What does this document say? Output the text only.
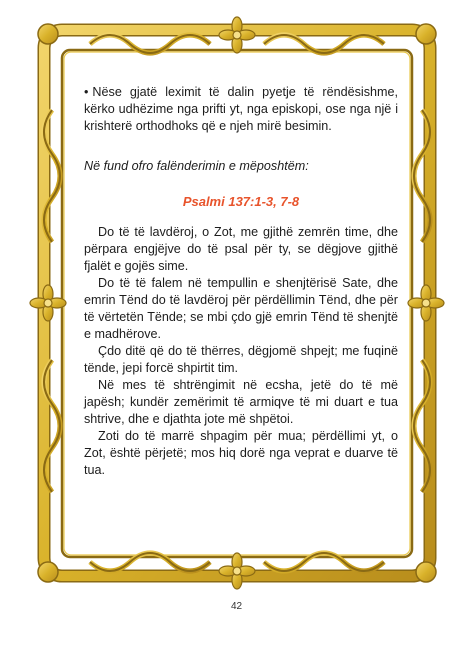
• Nëse gjatë leximit të dalin pyetje të rëndësishme, kërko udhëzime nga prifti yt, nga episkopi, ose nga një i krishterë orthodhoks që e njeh mirë besimin.

Në fund ofro falënderimin e mëposhtëm:
Psalmi 137:1-3, 7-8

Do të të lavdëroj, o Zot, me gjithë zemrën time, dhe përpara engjëjve do të psal për ty, se dëgjove gjithë fjalët e gojës sime.

Do të të falem në tempullin e shenjtërisë Sate, dhe emrin Tënd do të lavdëroj për përdëllimin Tënd, dhe për të vërtetën Tënde; se mbi çdo gjë emrin Tënd të shenjtë e madhërove.

Çdo ditë që do të thërres, dëgjomë shpejt; me fuqinë tënde, jepi forcë shpirtit tim.

Në mes të shtrëngimit në ecsha, jetë do të më japësh; kundër zemërimit të armiqve të mi duart e tua shtrive, dhe e djathta jote më shpëtoi.

Zoti do të marrë shpagim për mua; përdëllimi yt, o Zot, është përjetë; mos hiq dorë nga veprat e duarve të tua.

42
